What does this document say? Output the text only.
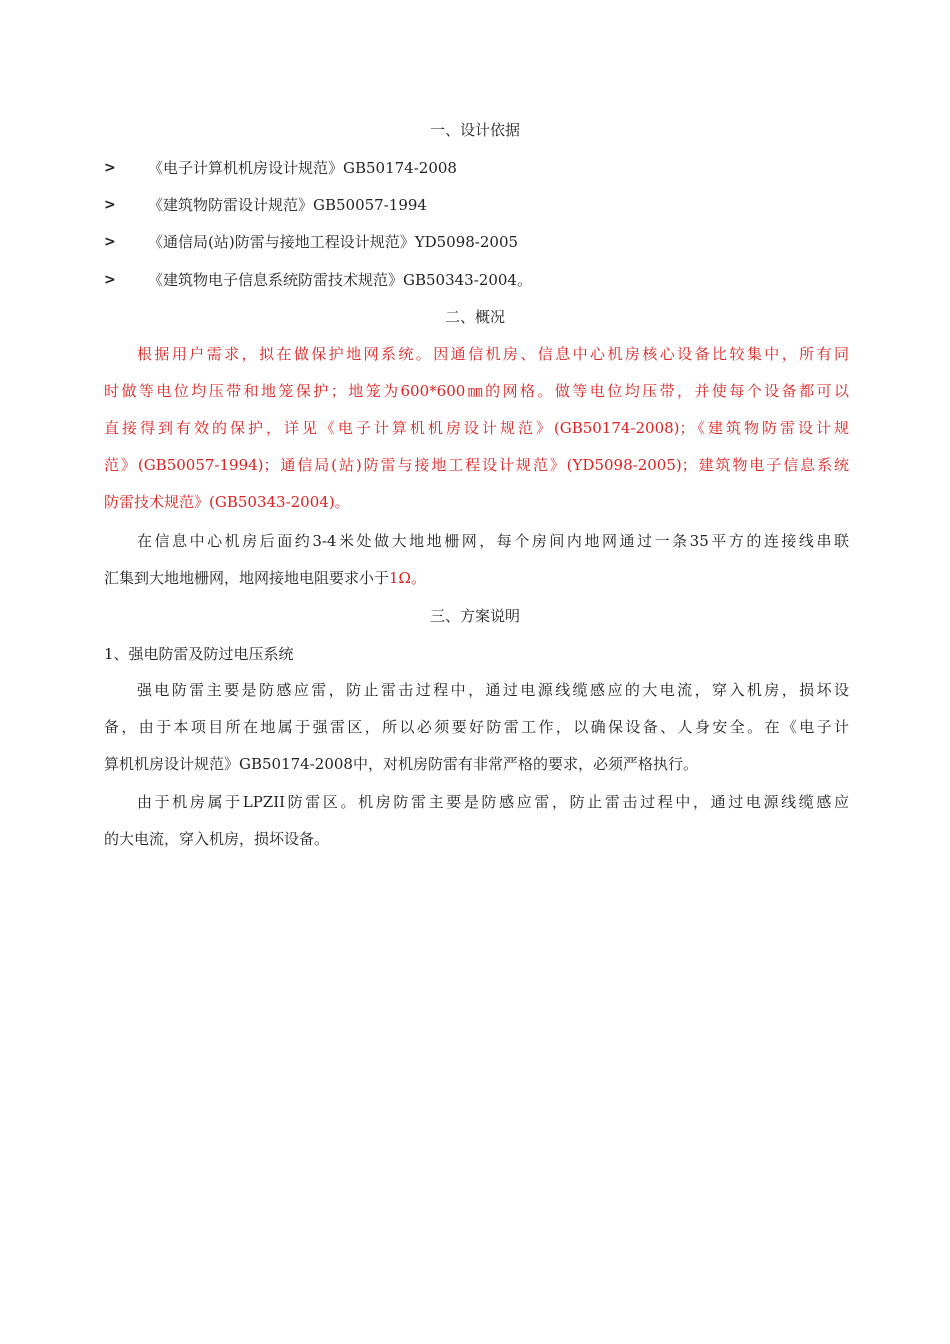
一、设计依据
> 《电子计算机机房设计规范》GB50174-2008
> 《建筑物防雷设计规范》GB50057-1994
> 《通信局(站)防雷与接地工程设计规范》YD5098-2005
> 《建筑物电子信息系统防雷技术规范》GB50343-2004。
二、概况
根据用户需求，拟在做保护地网系统。因通信机房、信息中心机房核心设备比较集中，所有同
时做等电位均压带和地笼保护；地笼为600*600㎜的网格。做等电位均压带，并使每个设备都可以
直接得到有效的保护，详见《电子计算机机房设计规范》(GB50174-2008)；《建筑物防雷设计规
范》(GB50057-1994)；通信局(站)防雷与接地工程设计规范》(YD5098-2005)；建筑物电子信息系统
防雷技术规范》(GB50343-2004)。
在信息中心机房后面约3-4米处做大地地栅网，每个房间内地网通过一条35平方的连接线串联
汇集到大地地栅网，地网接地电阻要求小于1Ω。
三、方案说明
1、强电防雷及防过电压系统
强电防雷主要是防感应雷，防止雷击过程中，通过电源线缆感应的大电流，穿入机房，损坏设
备，由于本项目所在地属于强雷区，所以必须要好防雷工作，以确保设备、人身安全。在《电子计
算机机房设计规范》GB50174-2008中，对机房防雷有非常严格的要求，必须严格执行。
由于机房属于LPZII防雷区。机房防雷主要是防感应雷，防止雷击过程中，通过电源线缆感应
的大电流，穿入机房，损坏设备。
